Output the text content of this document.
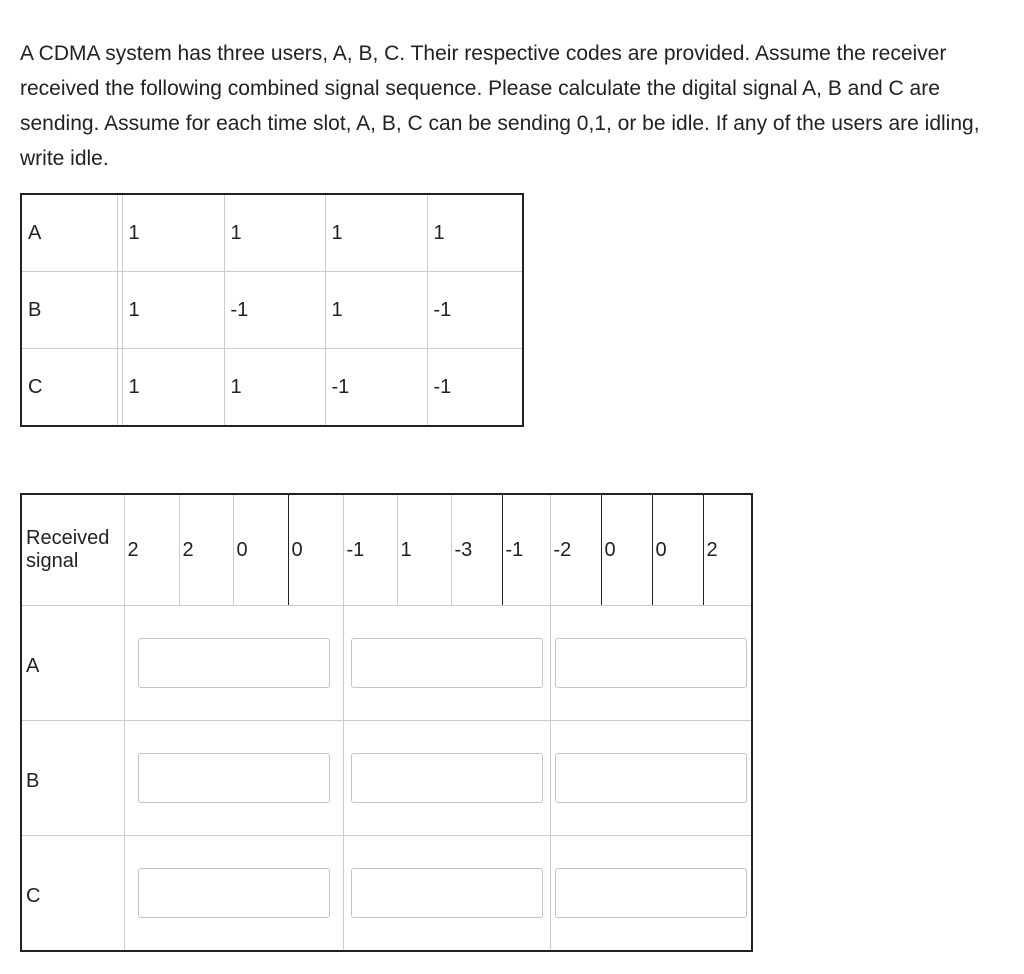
A CDMA system has three users, A, B, C. Their respective codes are provided. Assume the receiver received the following combined signal sequence. Please calculate the digital signal A, B and C are sending. Assume for each time slot, A, B, C can be sending 0,1, or be idle. If any of the users are idling, write idle.

A		1		1		1		1
B		1		-1		1		-1
C		1		1		-1		-1
Received signal	2	2	0	0	-1	1	-3	-1	-2	0	0	2
A	

B	

C	
